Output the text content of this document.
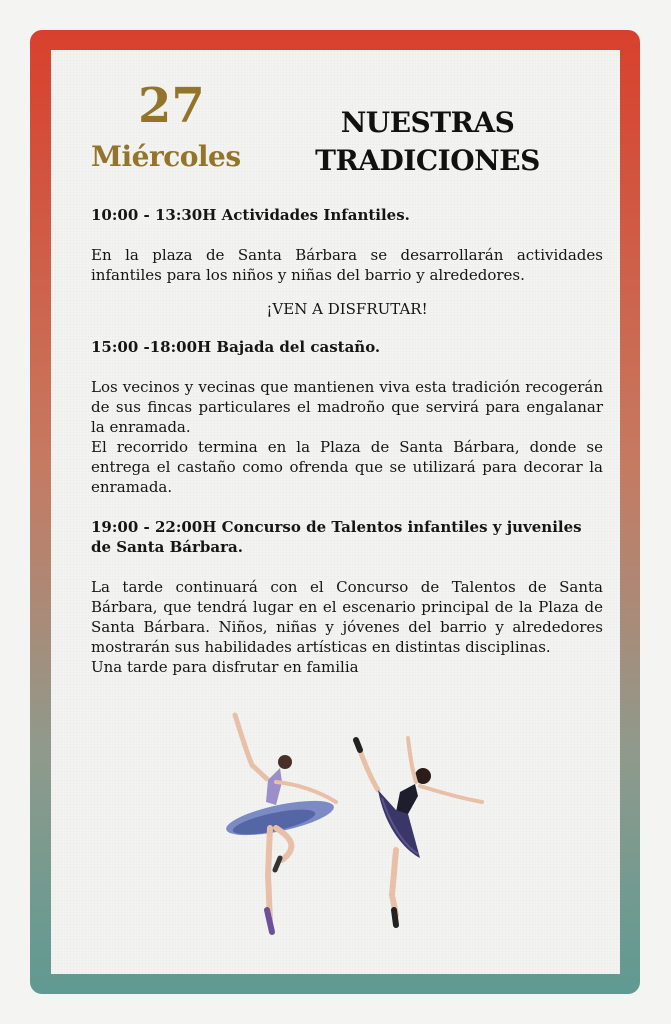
27
Miércoles
NUESTRAS
TRADICIONES

10:00 - 13:30H Actividades Infantiles.

En la plaza de Santa Bárbara se desarrollarán actividades infantiles para los niños y niñas del barrio y alrededores.

¡VEN A DISFRUTAR!

15:00 -18:00H Bajada del castaño.

Los vecinos y vecinas que mantienen viva esta tradición recogerán de sus fincas particulares el madroño que servirá para engalanar la enramada.

El recorrido termina en la Plaza de Santa Bárbara, donde se entrega el castaño como ofrenda que se utilizará para decorar la enramada.

19:00 - 22:00H Concurso de Talentos infantiles y juveniles de Santa Bárbara.

La tarde continuará con el Concurso de Talentos de Santa Bárbara, que tendrá lugar en el escenario principal de la Plaza de Santa Bárbara. Niños, niñas y jóvenes del barrio y alrededores mostrarán sus habilidades artísticas en distintas disciplinas.

Una tarde para disfrutar en familia
